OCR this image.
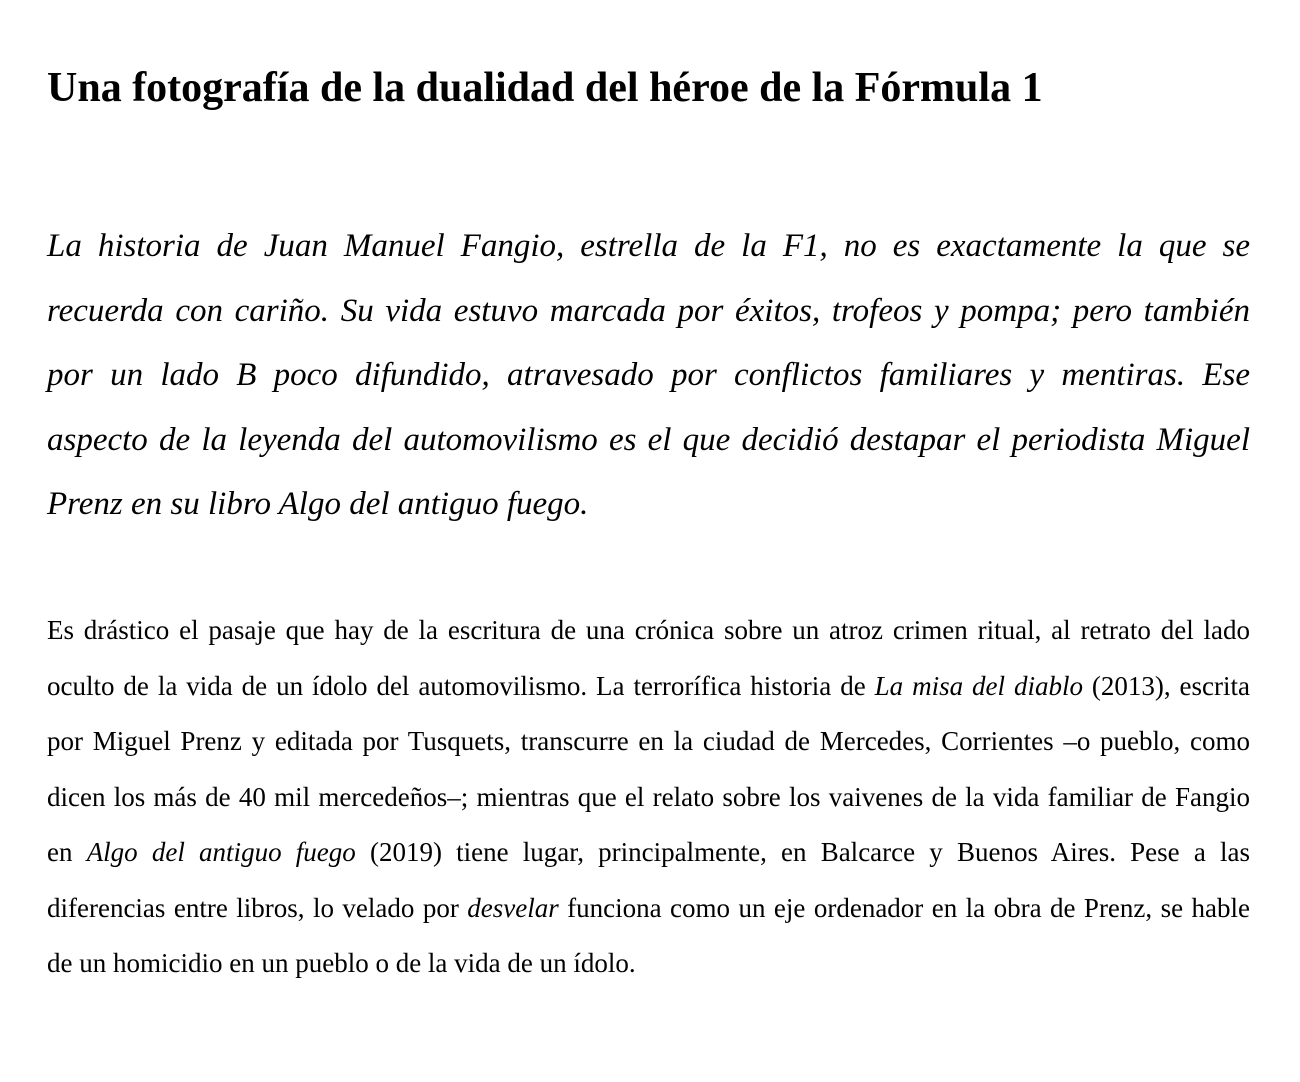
Una fotografía de la dualidad del héroe de la Fórmula 1

La historia de Juan Manuel Fangio, estrella de la F1, no es exactamente la que se recuerda con cariño. Su vida estuvo marcada por éxitos, trofeos y pompa; pero también por un lado B poco difundido, atravesado por conflictos familiares y mentiras. Ese aspecto de la leyenda del automovilismo es el que decidió destapar el periodista Miguel Prenz en su libro Algo del antiguo fuego.

Es drástico el pasaje que hay de la escritura de una crónica sobre un atroz crimen ritual, al retrato del lado oculto de la vida de un ídolo del automovilismo. La terrorífica historia de La misa del diablo (2013), escrita por Miguel Prenz y editada por Tusquets, transcurre en la ciudad de Mercedes, Corrientes –o pueblo, como dicen los más de 40 mil mercedeños–; mientras que el relato sobre los vaivenes de la vida familiar de Fangio en Algo del antiguo fuego (2019) tiene lugar, principalmente, en Balcarce y Buenos Aires. Pese a las diferencias entre libros, lo velado por desvelar funciona como un eje ordenador en la obra de Prenz, se hable de un homicidio en un pueblo o de la vida de un ídolo.
